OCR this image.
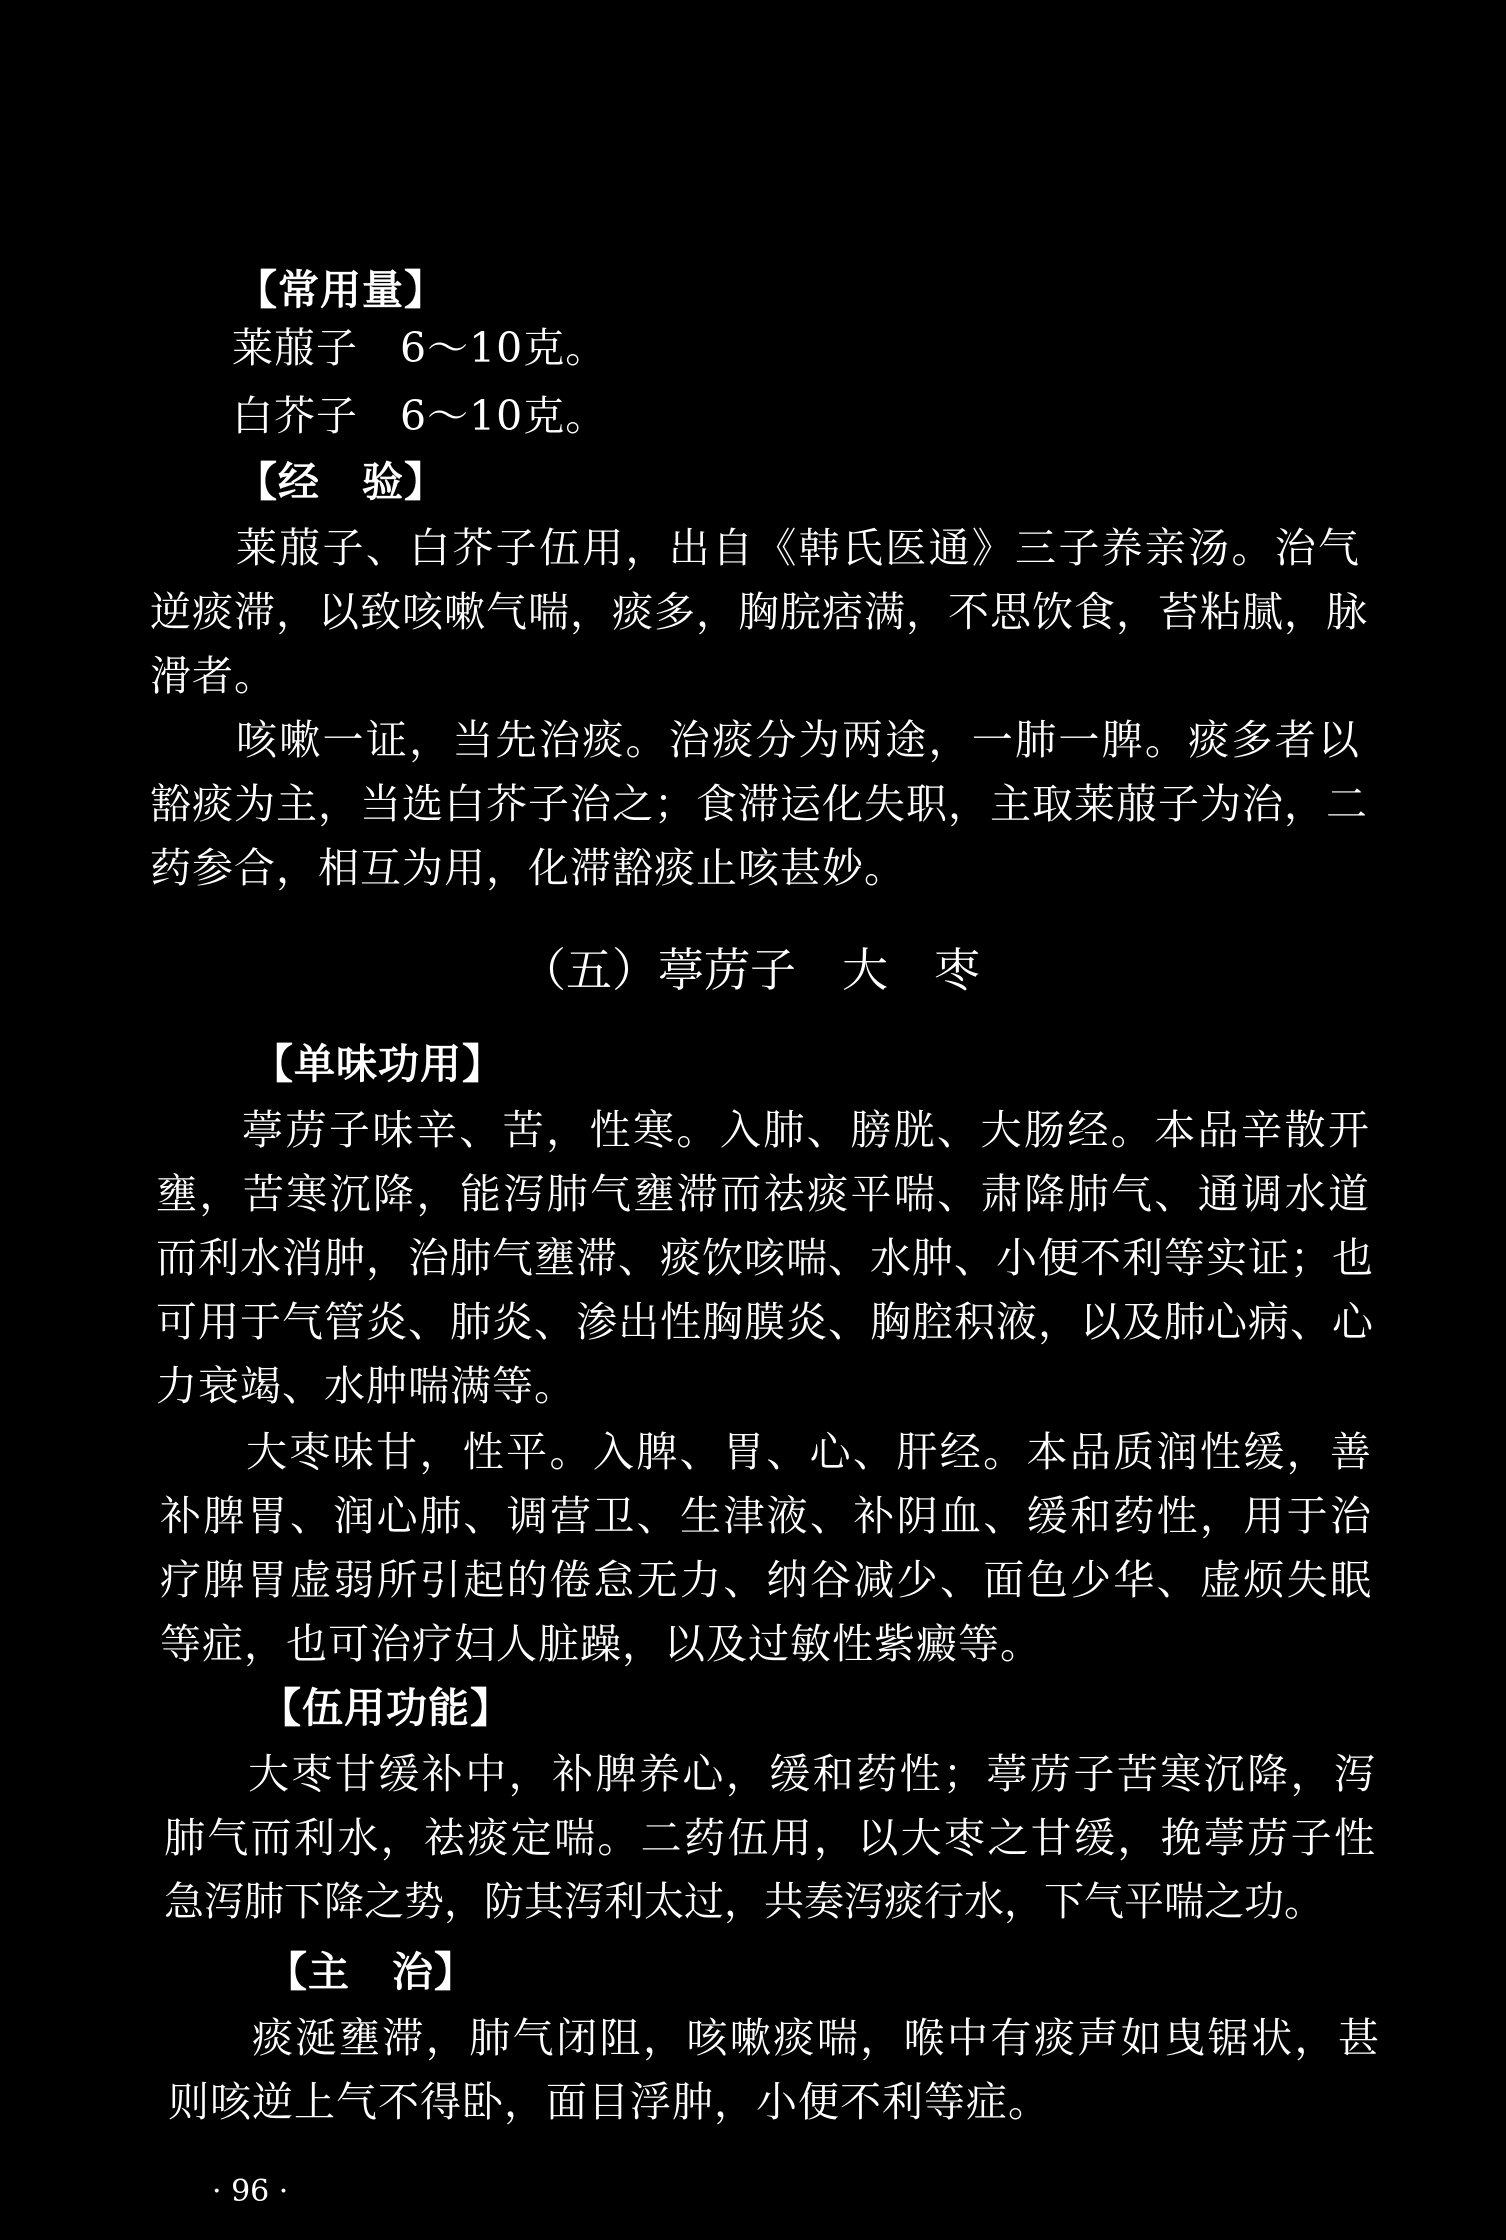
【常用量】
莱菔子　6～10克。
白芥子　6～10克。
【经　验】
莱菔子、白芥子伍用，出自《韩氏医通》三子养亲汤。治气
逆痰滞，以致咳嗽气喘，痰多，胸脘痞满，不思饮食，苔粘腻，脉
滑者。
咳嗽一证，当先治痰。治痰分为两途，一肺一脾。痰多者以
豁痰为主，当选白芥子治之；食滞运化失职，主取莱菔子为治，二
药参合，相互为用，化滞豁痰止咳甚妙。
（五）葶苈子　大　枣
【单味功用】
葶苈子味辛、苦，性寒。入肺、膀胱、大肠经。本品辛散开
壅，苦寒沉降，能泻肺气壅滞而祛痰平喘、肃降肺气、通调水道
而利水消肿，治肺气壅滞、痰饮咳喘、水肿、小便不利等实证；也
可用于气管炎、肺炎、渗出性胸膜炎、胸腔积液，以及肺心病、心
力衰竭、水肿喘满等。
大枣味甘，性平。入脾、胃、心、肝经。本品质润性缓，善
补脾胃、润心肺、调营卫、生津液、补阴血、缓和药性，用于治
疗脾胃虚弱所引起的倦怠无力、纳谷减少、面色少华、虚烦失眠
等症，也可治疗妇人脏躁，以及过敏性紫癜等。
【伍用功能】
大枣甘缓补中，补脾养心，缓和药性；葶苈子苦寒沉降，泻
肺气而利水，祛痰定喘。二药伍用，以大枣之甘缓，挽葶苈子性
急泻肺下降之势，防其泻利太过，共奏泻痰行水，下气平喘之功。
【主　治】
痰涎壅滞，肺气闭阻，咳嗽痰喘，喉中有痰声如曳锯状，甚
则咳逆上气不得卧，面目浮肿，小便不利等症。
· 96 ·
